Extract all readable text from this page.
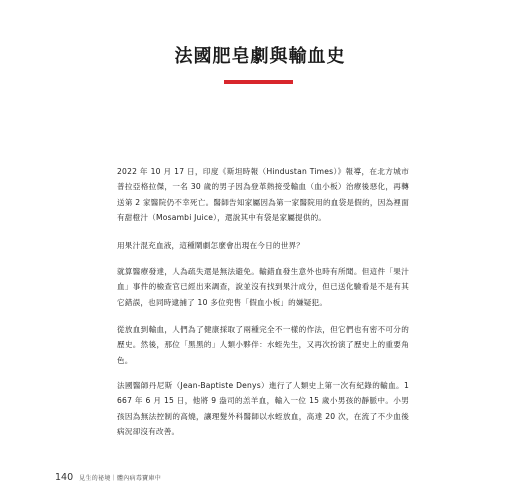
法國肥皂劇與輸血史

2022 年 10 月 17 日，印度《斯坦時報（Hindustan Times）》報導，在北方城市普拉亞格拉傑，一名 30 歲的男子因為登革熱接受輸血（血小板）治療後惡化，再轉送第 2 家醫院仍不幸死亡。醫師告知家屬因為第一家醫院用的血袋是假的，因為裡面有甜橙汁（Mosambi Juice），還說其中有袋是家屬提供的。

用果汁混充血液，這種鬧劇怎麼會出現在今日的世界？

就算醫療發達，人為疏失還是無法避免。輸錯血發生意外也時有所聞。但這件「果汁血」事件的檢查官已經出來調查，說並沒有找到果汁成分，但已送化驗看是不是有其它錯誤，也同時逮捕了 10 多位兜售「假血小板」的嫌疑犯。

從放血到輸血，人們為了健康採取了兩種完全不一樣的作法，但它們也有密不可分的歷史。然後，那位「黑黑的」人類小夥伴：水蛭先生，又再次扮演了歷史上的重要角色。

法國醫師丹尼斯（Jean-Baptiste Denys）進行了人類史上第一次有紀錄的輸血。1667 年 6 月 15 日，他將 9 盎司的羔羊血，輸入一位 15 歲小男孩的靜脈中。小男孩因為無法控制的高燒，讓理髮外科醫師以水蛭放血，高達 20 次，在流了不少血後病況卻沒有改善。

140 見生的祕境｜體內病毒寶庫中
